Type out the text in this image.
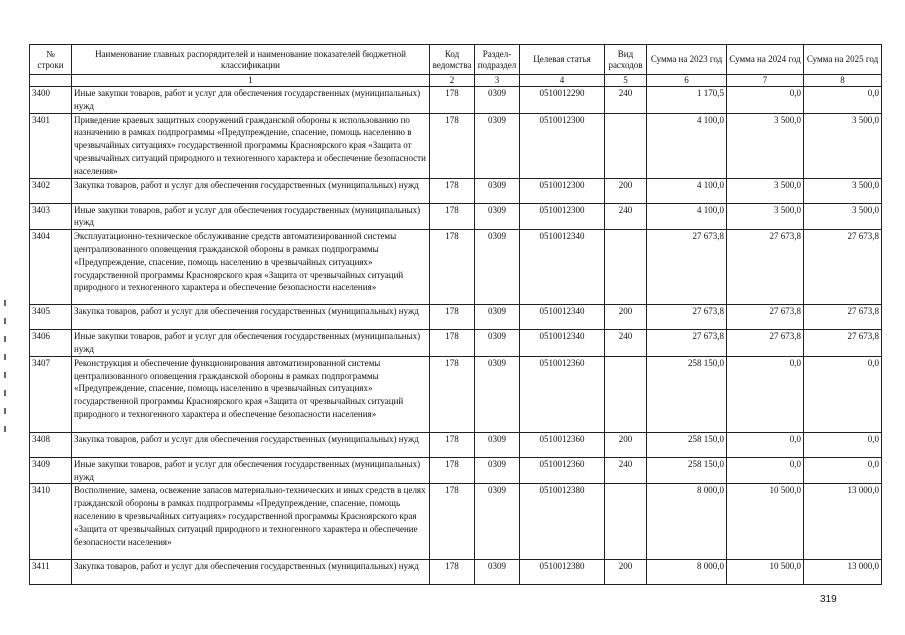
№ строки	Наименование главных распорядителей и наименование показателей бюджетной классификации	Код ведомства	Раздел-подраздел	Целевая статья	Вид расходов	Сумма на 2023 год	Сумма на 2024 год	Сумма на 2025 год
	1	2	3	4	5	6	7	8
3400	Иные закупки товаров, работ и услуг для обеспечения государственных (муниципальных) нужд	178	0309	0510012290	240	1 170,5	0,0	0,0
3401	Приведение краевых защитных сооружений гражданской обороны к использованию по назначению в рамках подпрограммы «Предупреждение, спасение, помощь населению в чрезвычайных ситуациях» государственной программы Красноярского края «Защита от чрезвычайных ситуаций природного и техногенного характера и обеспечение безопасности населения»	178	0309	0510012300		4 100,0	3 500,0	3 500,0
3402	Закупка товаров, работ и услуг для обеспечения государственных (муниципальных) нужд	178	0309	0510012300	200	4 100,0	3 500,0	3 500,0
3403	Иные закупки товаров, работ и услуг для обеспечения государственных (муниципальных) нужд	178	0309	0510012300	240	4 100,0	3 500,0	3 500,0
3404	Эксплуатационно-техническое обслуживание средств автоматизированной системы централизованного оповещения гражданской обороны в рамках подпрограммы «Предупреждение, спасение, помощь населению в чрезвычайных ситуациях» государственной программы Красноярского края «Защита от чрезвычайных ситуаций природного и техногенного характера и обеспечение безопасности населения»	178	0309	0510012340		27 673,8	27 673,8	27 673,8
3405	Закупка товаров, работ и услуг для обеспечения государственных (муниципальных) нужд	178	0309	0510012340	200	27 673,8	27 673,8	27 673,8
3406	Иные закупки товаров, работ и услуг для обеспечения государственных (муниципальных) нужд	178	0309	0510012340	240	27 673,8	27 673,8	27 673,8
3407	Реконструкция и обеспечение функционирования автоматизированной системы централизованного оповещения гражданской обороны в рамках подпрограммы «Предупреждение, спасение, помощь населению в чрезвычайных ситуациях» государственной программы Красноярского края «Защита от чрезвычайных ситуаций природного и техногенного характера и обеспечение безопасности населения»	178	0309	0510012360		258 150,0	0,0	0,0
3408	Закупка товаров, работ и услуг для обеспечения государственных (муниципальных) нужд	178	0309	0510012360	200	258 150,0	0,0	0,0
3409	Иные закупки товаров, работ и услуг для обеспечения государственных (муниципальных) нужд	178	0309	0510012360	240	258 150,0	0,0	0,0
3410	Восполнение, замена, освежение запасов материально-технических и иных средств в целях гражданской обороны в рамках подпрограммы «Предупреждение, спасение, помощь населению в чрезвычайных ситуациях» государственной программы Красноярского края «Защита от чрезвычайных ситуаций природного и техногенного характера и обеспечение безопасности населения»	178	0309	0510012380		8 000,0	10 500,0	13 000,0
3411	Закупка товаров, работ и услуг для обеспечения государственных (муниципальных) нужд	178	0309	0510012380	200	8 000,0	10 500,0	13 000,0
319
